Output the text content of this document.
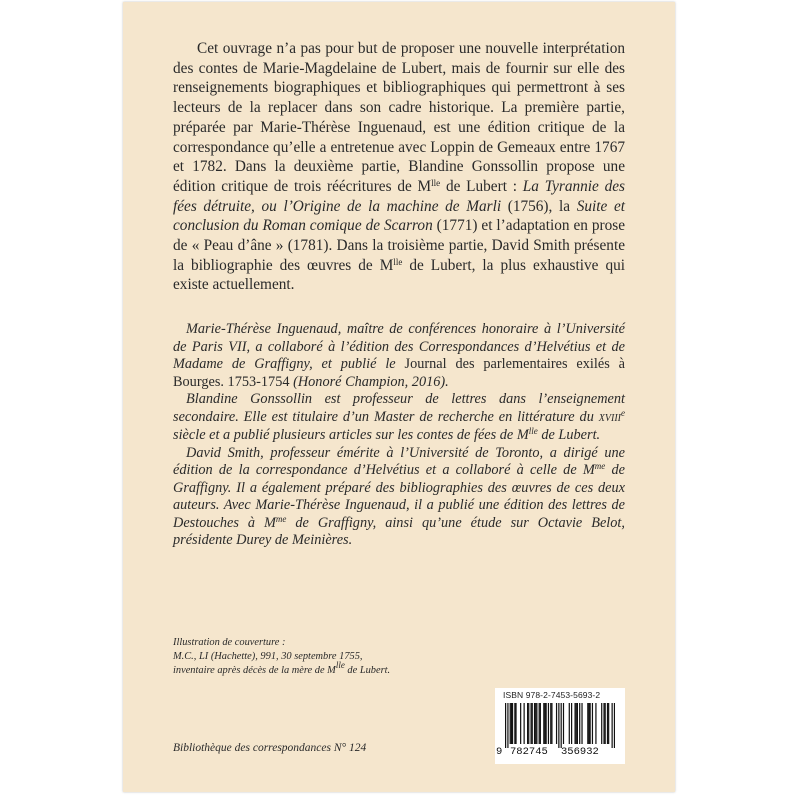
Cet ouvrage n’a pas pour but de proposer une nouvelle interprétation des contes de Marie-Magdelaine de Lubert, mais de fournir sur elle des renseignements biographiques et bibliographiques qui permettront à ses lecteurs de la replacer dans son cadre historique. La première partie, préparée par Marie-Thérèse Inguenaud, est une édition critique de la correspondance qu’elle a entretenue avec Loppin de Gemeaux entre 1767 et 1782. Dans la deuxième partie, Blandine Gonssollin propose une édition critique de trois réécritures de $M^{lle}$ de Lubert : La Tyrannie des fées détruite, ou l’Origine de la machine de Marli (1756), la Suite et conclusion du Roman comique de Scarron (1771) et l’adaptation en prose de « Peau d’âne » (1781). Dans la troisième partie, David Smith présente la bibliographie des œuvres de $M^{lle}$ de Lubert, la plus exhaustive qui existe actuellement.

Marie-Thérèse Inguenaud, maître de conférences honoraire à l’Université de Paris VII, a collaboré à l’édition des Correspondances d’Helvétius et de Madame de Graffigny, et publié le Journal des parlementaires exilés à Bourges. 1753-1754 (Honoré Champion, 2016).

Blandine Gonssollin est professeur de lettres dans l’enseignement secondaire. Elle est titulaire d’un Master de recherche en littérature du XVIIIe siècle et a publié plusieurs articles sur les contes de fées de $M^{lle}$ de Lubert.

David Smith, professeur émérite à l’Université de Toronto, a dirigé une édition de la correspondance d’Helvétius et a collaboré à celle de $M^{me}$ de Graffigny. Il a également préparé des bibliographies des œuvres de ces deux auteurs. Avec Marie-Thérèse Inguenaud, il a publié une édition des lettres de Destouches à $M^{me}$ de Graffigny, ainsi qu’une étude sur Octavie Belot, présidente Durey de Meinières.

Illustration de couverture :
M.C., LI (Hachette), 991, 30 septembre 1755,
inventaire après décès de la mère de $M^{lle}$ de Lubert.
Bibliothèque des correspondances N° 124
ISBN 978-2-7453-5693-2
9 782745 356932
